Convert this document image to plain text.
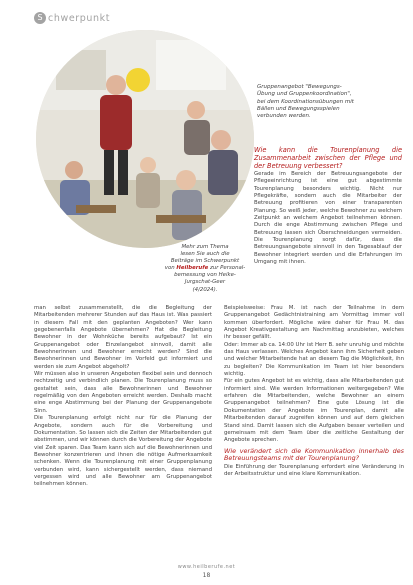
S chwerpunkt

Gruppenangebot "Bewegungs-

Übung und Gruppenkoordination",

bei dem Koordinationsübungen mit

Bällen und Bewegungsspielen

verbunden werden.

Mehr zum Thema

lesen Sie auch die

Beiträge im Schwerpunkt

von Heilberufe zur Personal-

bemessung von Heike-

Jurgschat-Geer

(4/2024).

Wie kann die Tourenplanung die Zusammenarbeit zwischen der Pflege und der Betreuung verbessert?

Gerade im Bereich der Betreuungsangebote der Pflegeeinrichtung ist eine gut abgestimmte Tourenplanung besonders wichtig. Nicht nur Pflegekräfte, sondern auch die Mitarbeiter der Betreuung profitieren von einer transparenten Planung. So weiß jeder, welche Bewohner zu welchem Zeitpunkt an welchem Angebot teilnehmen können. Durch die enge Abstimmung zwischen Pflege und Betreuung lassen sich Überschneidungen vermeiden. Die Tourenplanung sorgt dafür, dass die Betreuungsangebote sinnvoll in den Tagesablauf der Bewohner integriert werden und die Erfahrungen im Umgang mit ihnen.

man selbst zusammenstellt, die die Begleitung der Mitarbeitenden mehrerer Stunden auf das Haus ist. Was passiert in diesem Fall mit den geplanten Angeboten? Wer kann gegebenenfalls Angebote übernehmen? Hat die Begleitung Bewohner in der Wohnküche bereits aufgebaut? Ist ein Gruppenangebot oder Einzelangebot sinnvoll, damit alle Bewohnerinnen und Bewohner erreicht werden? Sind die Bewohnerinnen und Bewohner im Vorfeld gut informiert und werden sie zum Angebot abgeholt?

Wir müssen also in unseren Angeboten flexibel sein und dennoch rechtzeitig und verbindlich planen. Die Tourenplanung muss so gestaltet sein, dass alle Bewohnerinnen und Bewohner regelmäßig von den Angeboten erreicht werden. Deshalb macht eine enge Abstimmung bei der Planung der Gruppenangebote Sinn.

Die Tourenplanung erfolgt nicht nur für die Planung der Angebote, sondern auch für die Vorbereitung und Dokumentation. So lassen sich die Zeiten der Mitarbeitenden gut abstimmen, und wir können durch die Vorbereitung der Angebote viel Zeit sparen. Das Team kann sich auf die Bewohnerinnen und Bewohner konzentrieren und ihnen die nötige Aufmerksamkeit schenken. Wenn die Tourenplanung mit einer Gruppenplanung verbunden wird, kann sichergestellt werden, dass niemand vergessen wird und alle Bewohner am Gruppenangebot teilnehmen können.

Beispielsweise: Frau M. ist nach der Teilnahme in dem Gruppenangebot Gedächtnistraining am Vormittag immer voll kommen überfordert. Mögliche wäre daher für Frau M. das Angebot Kreativgestaltung am Nachmittag anzubieten, welches ihr besser gefällt.

Oder: Immer ab ca. 14:00 Uhr ist Herr B. sehr unruhig und möchte das Haus verlassen. Welches Angebot kann ihm Sicherheit geben und welcher Mitarbeitende hat an diesem Tag die Möglichkeit, ihn zu begleiten? Die Kommunikation im Team ist hier besonders wichtig.

Für ein gutes Angebot ist es wichtig, dass alle Mitarbeitenden gut informiert sind. Wie werden Informationen weitergegeben? Wie erfahren die Mitarbeitenden, welche Bewohner an einem Gruppenangebot teilnehmen? Eine gute Lösung ist die Dokumentation der Angebote im Tourenplan, damit alle Mitarbeitenden darauf zugreifen können und auf dem gleichen Stand sind. Damit lassen sich die Aufgaben besser verteilen und gemeinsam mit dem Team über die zeitliche Gestaltung der Angebote sprechen.

Wie verändert sich die Kommunikation innerhalb des Betreuungsteams mit der Tourenplanung?

Die Einführung der Tourenplanung erfordert eine Veränderung in der Arbeitsstruktur und eine klare Kommunikation.

www.heilberufe.net
18
